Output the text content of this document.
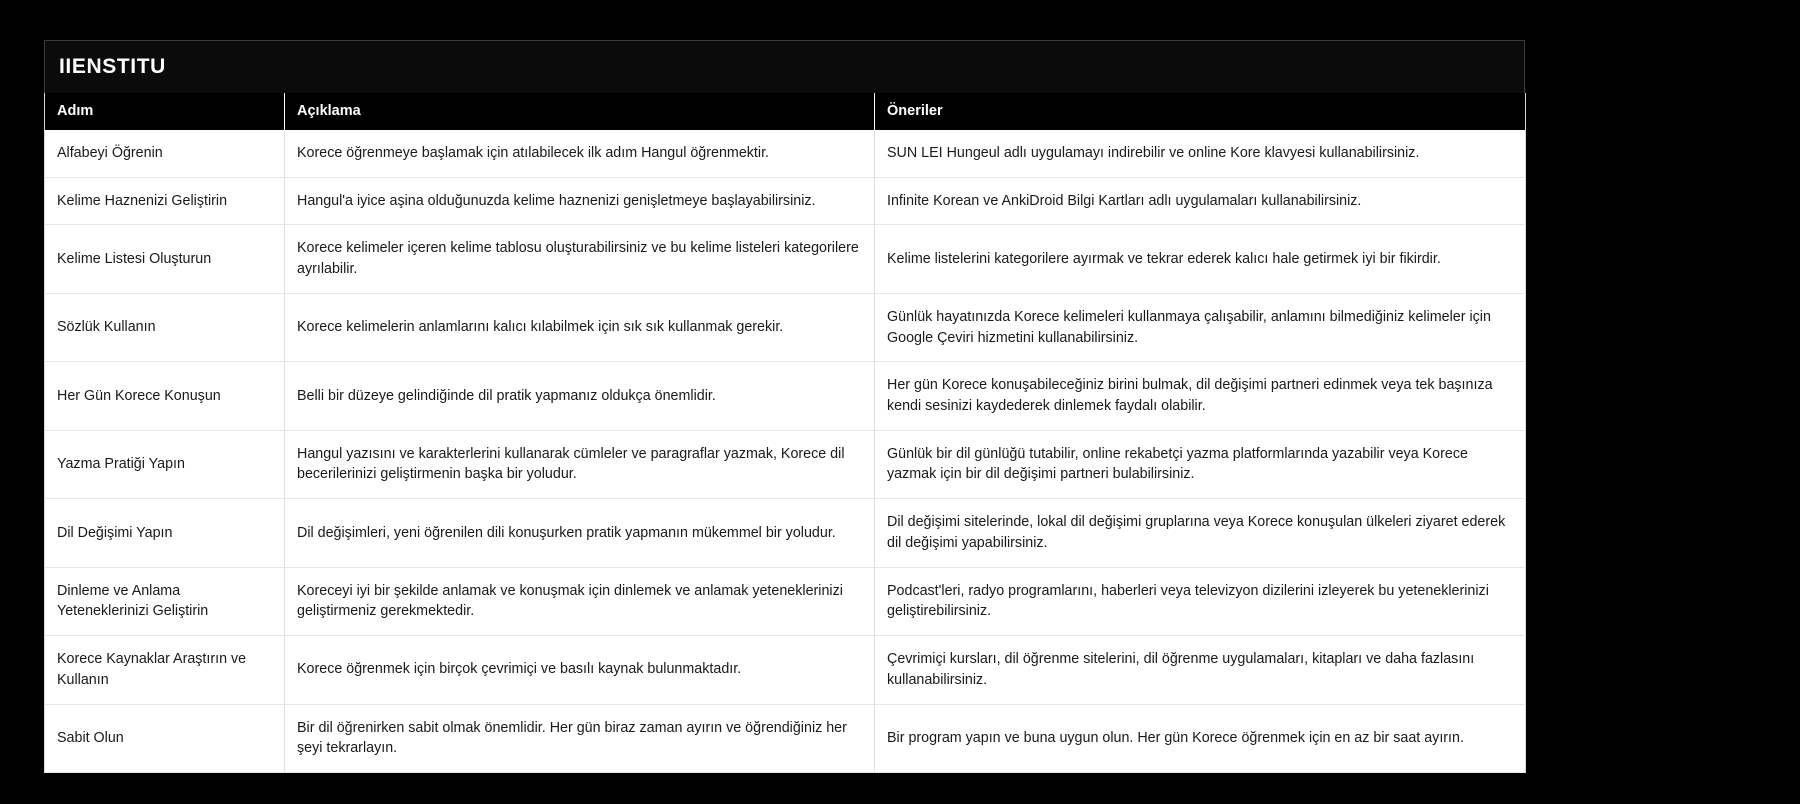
IIENSTITU
Adım	Açıklama	Öneriler
Alfabeyi Öğrenin	Korece öğrenmeye başlamak için atılabilecek ilk adım Hangul öğrenmektir.	SUN LEI Hungeul adlı uygulamayı indirebilir ve online Kore klavyesi kullanabilirsiniz.
Kelime Haznenizi Geliştirin	Hangul'a iyice aşina olduğunuzda kelime haznenizi genişletmeye başlayabilirsiniz.	Infinite Korean ve AnkiDroid Bilgi Kartları adlı uygulamaları kullanabilirsiniz.
Kelime Listesi Oluşturun	Korece kelimeler içeren kelime tablosu oluşturabilirsiniz ve bu kelime listeleri kategorilere ayrılabilir.	Kelime listelerini kategorilere ayırmak ve tekrar ederek kalıcı hale getirmek iyi bir fikirdir.
Sözlük Kullanın	Korece kelimelerin anlamlarını kalıcı kılabilmek için sık sık kullanmak gerekir.	Günlük hayatınızda Korece kelimeleri kullanmaya çalışabilir, anlamını bilmediğiniz kelimeler için Google Çeviri hizmetini kullanabilirsiniz.
Her Gün Korece Konuşun	Belli bir düzeye gelindiğinde dil pratik yapmanız oldukça önemlidir.	Her gün Korece konuşabileceğiniz birini bulmak, dil değişimi partneri edinmek veya tek başınıza kendi sesinizi kaydederek dinlemek faydalı olabilir.
Yazma Pratiği Yapın	Hangul yazısını ve karakterlerini kullanarak cümleler ve paragraflar yazmak, Korece dil becerilerinizi geliştirmenin başka bir yoludur.	Günlük bir dil günlüğü tutabilir, online rekabetçi yazma platformlarında yazabilir veya Korece yazmak için bir dil değişimi partneri bulabilirsiniz.
Dil Değişimi Yapın	Dil değişimleri, yeni öğrenilen dili konuşurken pratik yapmanın mükemmel bir yoludur.	Dil değişimi sitelerinde, lokal dil değişimi gruplarına veya Korece konuşulan ülkeleri ziyaret ederek dil değişimi yapabilirsiniz.
Dinleme ve Anlama Yeteneklerinizi Geliştirin	Koreceyi iyi bir şekilde anlamak ve konuşmak için dinlemek ve anlamak yeteneklerinizi geliştirmeniz gerekmektedir.	Podcast'leri, radyo programlarını, haberleri veya televizyon dizilerini izleyerek bu yeteneklerinizi geliştirebilirsiniz.
Korece Kaynaklar Araştırın ve Kullanın	Korece öğrenmek için birçok çevrimiçi ve basılı kaynak bulunmaktadır.	Çevrimiçi kursları, dil öğrenme sitelerini, dil öğrenme uygulamaları, kitapları ve daha fazlasını kullanabilirsiniz.
Sabit Olun	Bir dil öğrenirken sabit olmak önemlidir. Her gün biraz zaman ayırın ve öğrendiğiniz her şeyi tekrarlayın.	Bir program yapın ve buna uygun olun. Her gün Korece öğrenmek için en az bir saat ayırın.
